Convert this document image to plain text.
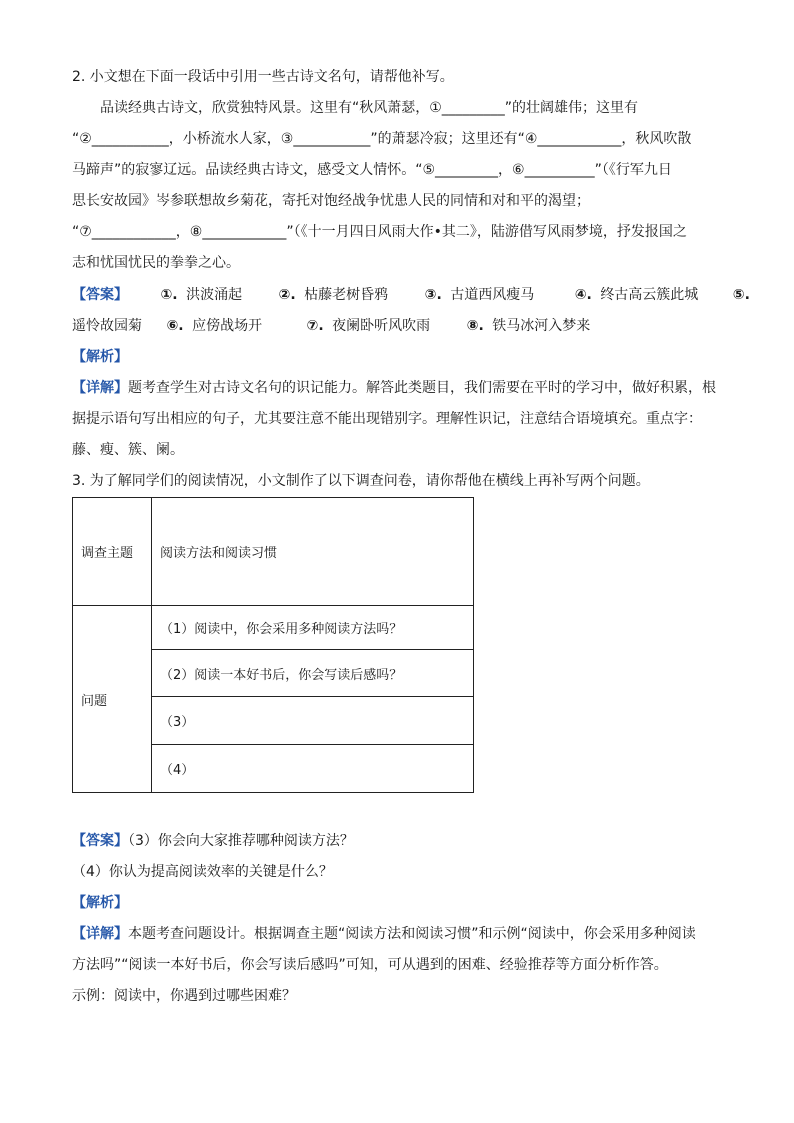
2. 小文想在下面一段话中引用一些古诗文名句，请帮他补写。
品读经典古诗文，欣赏独特风景。这里有“秋风萧瑟，①_________”的壮阔雄伟；这里有
“②___________，小桥流水人家，③___________”的萧瑟冷寂；这里还有“④____________，秋风吹散
马蹄声”的寂寥辽远。品读经典古诗文，感受文人情怀。“⑤_________，⑥__________”（《行军九日
思长安故园》岑参联想故乡菊花，寄托对饱经战争忧患人民的同情和对和平的渴望；
“⑦____________，⑧____________”（《十一月四日风雨大作•其二》，陆游借写风雨梦境，抒发报国之
志和忧国忧民的拳拳之心。
【答案】 ①. 洪波涌起	②. 枯藤老树昏鸦	③. 古道西风瘦马	④. 终古高云簇此城 ⑤.
遥怜故园菊 ⑥. 应傍战场开	⑦. 夜阑卧听风吹雨	⑧. 铁马冰河入梦来
【解析】
【详解】题考查学生对古诗文名句的识记能力。解答此类题目，我们需要在平时的学习中，做好积累，根
据提示语句写出相应的句子，尤其要注意不能出现错别字。理解性识记，注意结合语境填充。重点字：
藤、瘦、簇、阑。
3. 为了解同学们的阅读情况，小文制作了以下调查问卷，请你帮他在横线上再补写两个问题。
调查主题	阅读方法和阅读习惯
问题	（1）阅读中，你会采用多种阅读方法吗？
	（2）阅读一本好书后，你会写读后感吗？
	（3）
	（4）
【答案】（3）你会向大家推荐哪种阅读方法？
（4）你认为提高阅读效率的关键是什么？
【解析】
【详解】本题考查问题设计。根据调查主题“阅读方法和阅读习惯”和示例“阅读中，你会采用多种阅读
方法吗”“阅读一本好书后，你会写读后感吗”可知，可从遇到的困难、经验推荐等方面分析作答。
示例：阅读中，你遇到过哪些困难？
